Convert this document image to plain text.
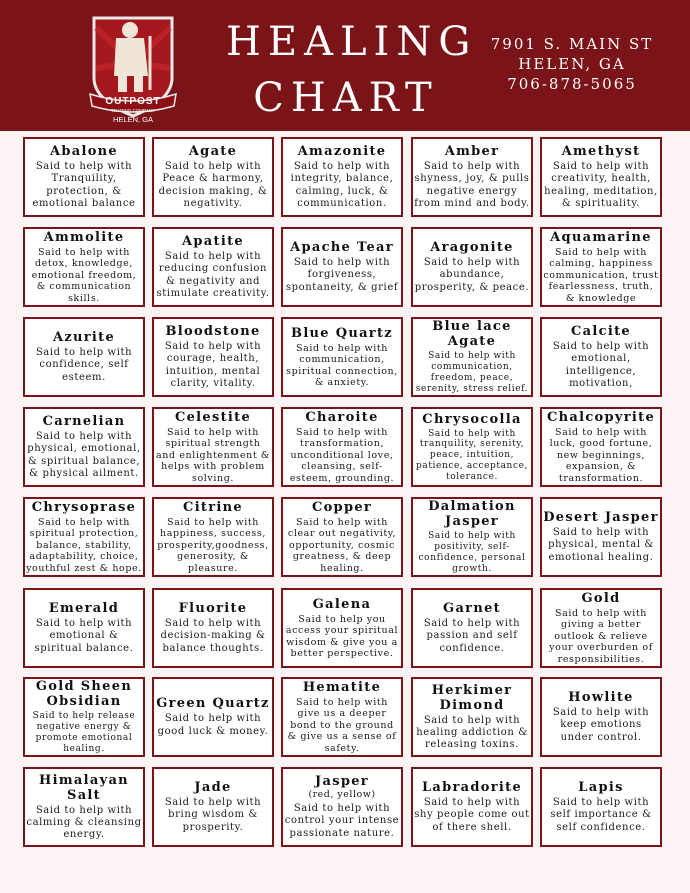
OUTPOST
TRADING COMPANY
HELEN, GA
HEALING
CHART
7901 S. MAIN ST
HELEN, GA
706-878-5065
Abalone
Said to help with Tranquility, protection, & emotional balance
Agate
Said to help with Peace & harmony, decision making, & negativity.
Amazonite
Said to help with integrity, balance, calming, luck, & communication.
Amber
Said to help with shyness, joy, & pulls negative energy from mind and body.
Amethyst
Said to help with creativity, health, healing, meditation, & spirituality.
Ammolite
Said to help with detox, knowledge, emotional freedom, & communication skills.
Apatite
Said to help with reducing confusion & negativity and stimulate creativity.
Apache Tear
Said to help with forgiveness, spontaneity, & grief
Aragonite
Said to help with abundance, prosperity, & peace.
Aquamarine
Said to help with calming, happiness communication, trust fearlessness, truth, & knowledge
Azurite
Said to help with confidence, self esteem.
Bloodstone
Said to help with courage, health, intuition, mental clarity, vitality.
Blue Quartz
Said to help with communication, spiritual connection, & anxiety.
Blue lace Agate
Said to help with communication, freedom, peace, serenity, stress relief.
Calcite
Said to help with emotional, intelligence, motivation,
Carnelian
Said to help with physical, emotional, & spiritual balance, & physical ailment.
Celestite
Said to help with spiritual strength and enlightenment & helps with problem solving.
Charoite
Said to help with transformation, unconditional love, cleansing, self-esteem, grounding.
Chrysocolla
Said to help with tranquility, serenity, peace, intuition, patience, acceptance, tolerance.
Chalcopyrite
Said to help with luck, good fortune, new beginnings, expansion, & transformation.
Chrysoprase
Said to help with spiritual protection, balance, stability, adaptability, choice, youthful zest & hope.
Citrine
Said to help with happiness, success, prosperity,goodness, generosity, & pleasure.
Copper
Said to help with clear out negativity, opportunity, cosmic greatness, & deep healing.
Dalmation Jasper
Said to help with positivity, self-confidence, personal growth.
Desert Jasper
Said to help with physical, mental & emotional healing.
Emerald
Said to help with emotional & spiritual balance.
Fluorite
Said to help with decision-making & balance thoughts.
Galena
Said to help you access your spiritual wisdom & give you a better perspective.
Garnet
Said to help with passion and self confidence.
Gold
Said to help with giving a better outlook & relieve your overburden of responsibilities.
Gold Sheen Obsidian
Said to help release negative energy & promote emotional healing.
Green Quartz
Said to help with good luck & money.
Hematite
Said to help with give us a deeper bond to the ground & give us a sense of safety.
Herkimer Dimond
Said to help with healing addiction & releasing toxins.
Howlite
Said to help with keep emotions under control.
Himalayan Salt
Said to help with calming & cleansing energy.
Jade
Said to help with bring wisdom & prosperity.
Jasper
(red, yellow)
Said to help with control your intense passionate nature.
Labradorite
Said to help with shy people come out of there shell.
Lapis
Said to help with self importance & self confidence.
